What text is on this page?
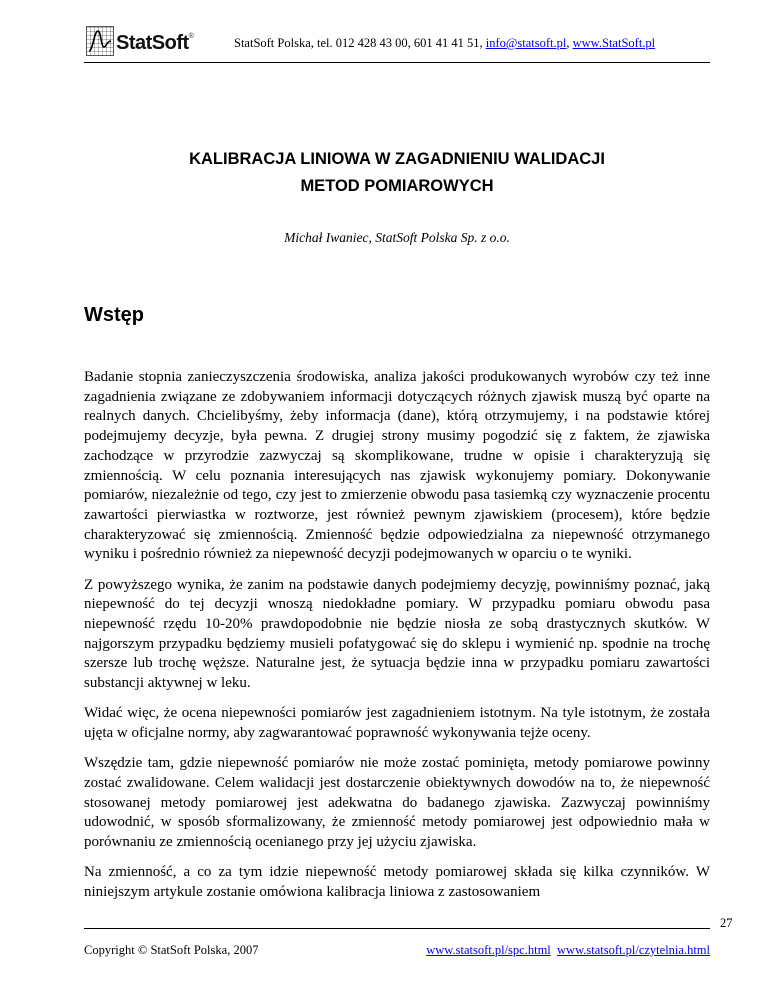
StatSoft®	StatSoft Polska, tel. 012 428 43 00, 601 41 41 51, info@statsoft.pl, www.StatSoft.pl
KALIBRACJA LINIOWA W ZAGADNIENIU WALIDACJI
METOD POMIAROWYCH
Michał Iwaniec, StatSoft Polska Sp. z o.o.
Wstęp

Badanie stopnia zanieczyszczenia środowiska, analiza jakości produkowanych wyrobów czy też inne zagadnienia związane ze zdobywaniem informacji dotyczących różnych zjawisk muszą być oparte na realnych danych. Chcielibyśmy, żeby informacja (dane), którą otrzymujemy, i na podstawie której podejmujemy decyzje, była pewna. Z drugiej strony musimy pogodzić się z faktem, że zjawiska zachodzące w przyrodzie zazwyczaj są skomplikowane, trudne w opisie i charakteryzują się zmiennością. W celu poznania interesujących nas zjawisk wykonujemy pomiary. Dokonywanie pomiarów, niezależnie od tego, czy jest to zmierzenie obwodu pasa tasiemką czy wyznaczenie procentu zawartości pierwiastka w roztworze, jest również pewnym zjawiskiem (procesem), które będzie charakteryzować się zmiennością. Zmienność będzie odpowiedzialna za niepewność otrzymanego wyniku i pośrednio również za niepewność decyzji podejmowanych w oparciu o te wyniki.

Z powyższego wynika, że zanim na podstawie danych podejmiemy decyzję, powinniśmy poznać, jaką niepewność do tej decyzji wnoszą niedokładne pomiary. W przypadku pomiaru obwodu pasa niepewność rzędu 10-20% prawdopodobnie nie będzie niosła ze sobą drastycznych skutków. W najgorszym przypadku będziemy musieli pofatygować się do sklepu i wymienić np. spodnie na trochę szersze lub trochę węższe. Naturalne jest, że sytuacja będzie inna w przypadku pomiaru zawartości substancji aktywnej w leku.

Widać więc, że ocena niepewności pomiarów jest zagadnieniem istotnym. Na tyle istotnym, że została ujęta w oficjalne normy, aby zagwarantować poprawność wykonywania tejże oceny.

Wszędzie tam, gdzie niepewność pomiarów nie może zostać pominięta, metody pomiarowe powinny zostać zwalidowane. Celem walidacji jest dostarczenie obiektywnych dowodów na to, że niepewność stosowanej metody pomiarowej jest adekwatna do badanego zjawiska. Zazwyczaj powinniśmy udowodnić, w sposób sformalizowany, że zmienność metody pomiarowej jest odpowiednio mała w porównaniu ze zmiennością ocenianego przy jej użyciu zjawiska.

Na zmienność, a co za tym idzie niepewność metody pomiarowej składa się kilka czynników. W niniejszym artykule zostanie omówiona kalibracja liniowa z zastosowaniem

Copyright © StatSoft Polska, 2007	www.statsoft.pl/spc.html www.statsoft.pl/czytelnia.html
27
